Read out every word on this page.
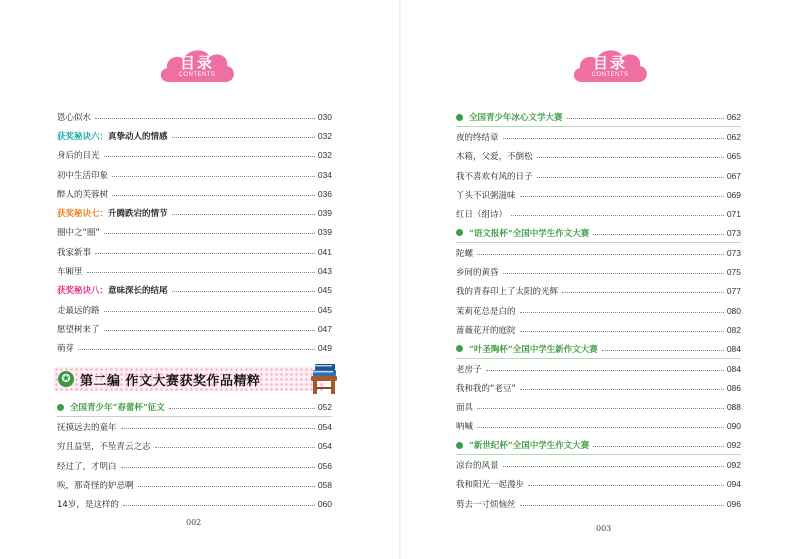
目录
CONTENTS
恩心似水	030
获奖秘诀六：真挚动人的情感	032
身后的目光	032
初中生活印象	034
醉人的芙蓉树	036
获奖秘诀七：升腾跌宕的情节	039
圈中之“圈”	039
我家新事	041
车厢里	043
获奖秘诀八：意味深长的结尾	045
走最远的路	045
愿望树来了	047
萌芽	049
✪ 第二编 作文大赛获奖作品精粹
全国青少年“春蕾杯”征文	052
抚摸远去的童年	054
穷且益坚，不坠青云之志	054
经过了，才明白	056
唉，那奇怪的妒忌啊	058
14岁，是这样的	060
002
目录
CONTENTS
全国青少年冰心文学大赛	062
夜的终结章	062
木箱，父爱，不倒松	065
我不喜欢有风的日子	067
丫头不识粥滋味	069
红日（组诗）	071
“语文报杯”全国中学生作文大赛	073
陀螺	073
乡间的黄昏	075
我的青春印上了太阳的光辉	077
茉莉花总是白的	080
蔷薇花开的庭院	082
“叶圣陶杯”全国中学生新作文大赛	084
老房子	084
我和我的“老豆”	086
面具	088
呐喊	090
“新世纪杯”全国中学生作文大赛	092
凉台的风景	092
我和阳光一起漫步	094
剪去一寸烦恼丝	096
003
